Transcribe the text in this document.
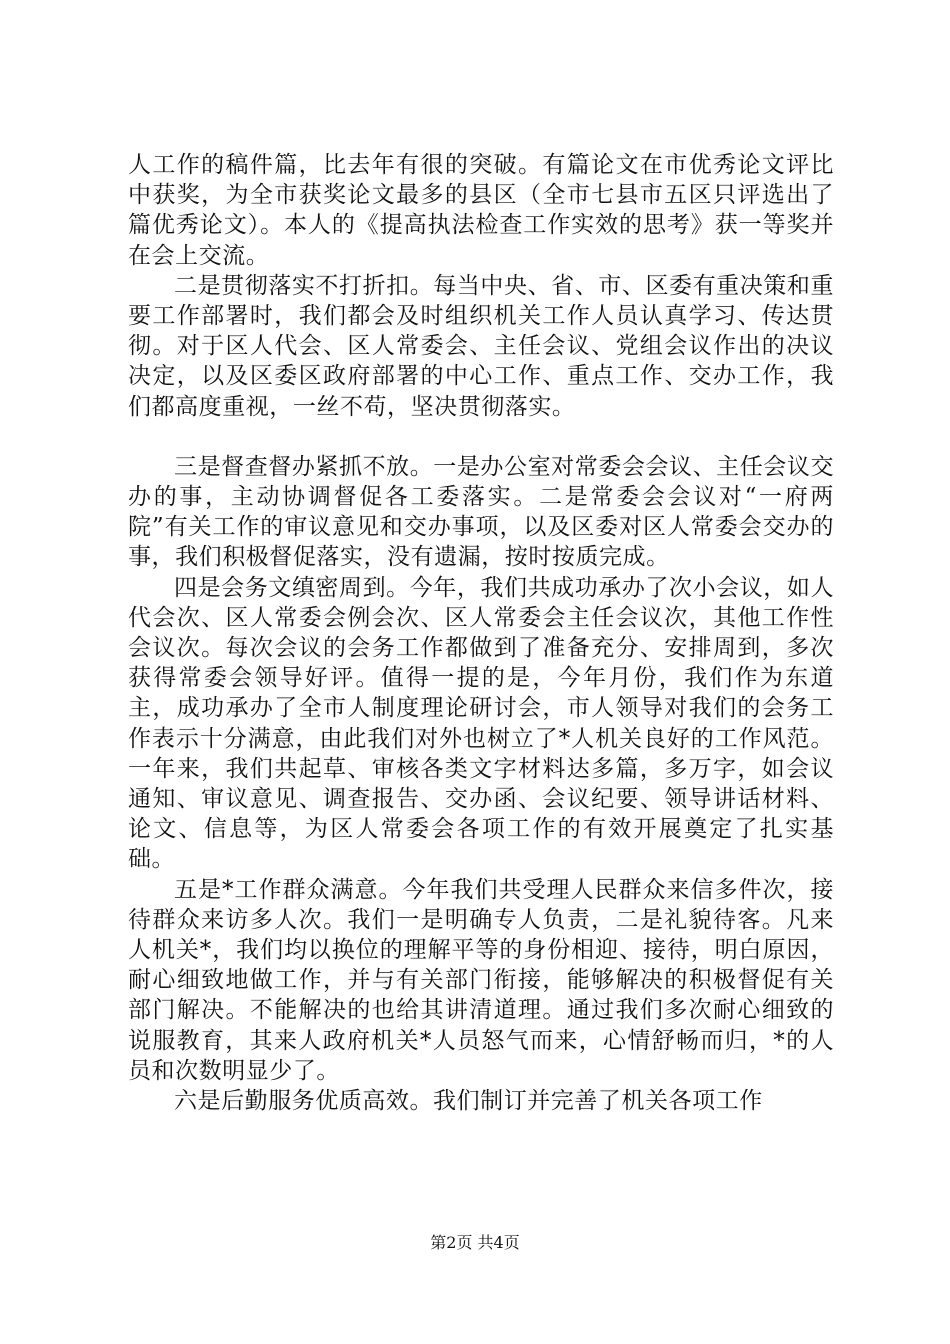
人工作的稿件篇，比去年有很的突破。有篇论文在市优秀论文评比中获奖，为全市获奖论文最多的县区（全市七县市五区只评选出了篇优秀论文）。本人的《提高执法检查工作实效的思考》获一等奖并在会上交流。

二是贯彻落实不打折扣。每当中央、省、市、区委有重决策和重要工作部署时，我们都会及时组织机关工作人员认真学习、传达贯彻。对于区人代会、区人常委会、主任会议、党组会议作出的决议决定，以及区委区政府部署的中心工作、重点工作、交办工作，我们都高度重视，一丝不苟，坚决贯彻落实。

三是督查督办紧抓不放。一是办公室对常委会会议、主任会议交办的事，主动协调督促各工委落实。二是常委会会议对“一府两院”有关工作的审议意见和交办事项，以及区委对区人常委会交办的事，我们积极督促落实，没有遗漏，按时按质完成。

四是会务文缜密周到。今年，我们共成功承办了次小会议，如人代会次、区人常委会例会次、区人常委会主任会议次，其他工作性会议次。每次会议的会务工作都做到了准备充分、安排周到，多次获得常委会领导好评。值得一提的是，今年月份，我们作为东道主，成功承办了全市人制度理论研讨会，市人领导对我们的会务工作表示十分满意，由此我们对外也树立了*人机关良好的工作风范。一年来，我们共起草、审核各类文字材料达多篇，多万字，如会议通知、审议意见、调查报告、交办函、会议纪要、领导讲话材料、论文、信息等，为区人常委会各项工作的有效开展奠定了扎实基础。

五是*工作群众满意。今年我们共受理人民群众来信多件次，接待群众来访多人次。我们一是明确专人负责，二是礼貌待客。凡来人机关*，我们均以换位的理解平等的身份相迎、接待，明白原因，耐心细致地做工作，并与有关部门衔接，能够解决的积极督促有关部门解决。不能解决的也给其讲清道理。通过我们多次耐心细致的说服教育，其来人政府机关*人员怒气而来，心情舒畅而归，*的人员和次数明显少了。

六是后勤服务优质高效。我们制订并完善了机关各项工作

第2页 共4页
